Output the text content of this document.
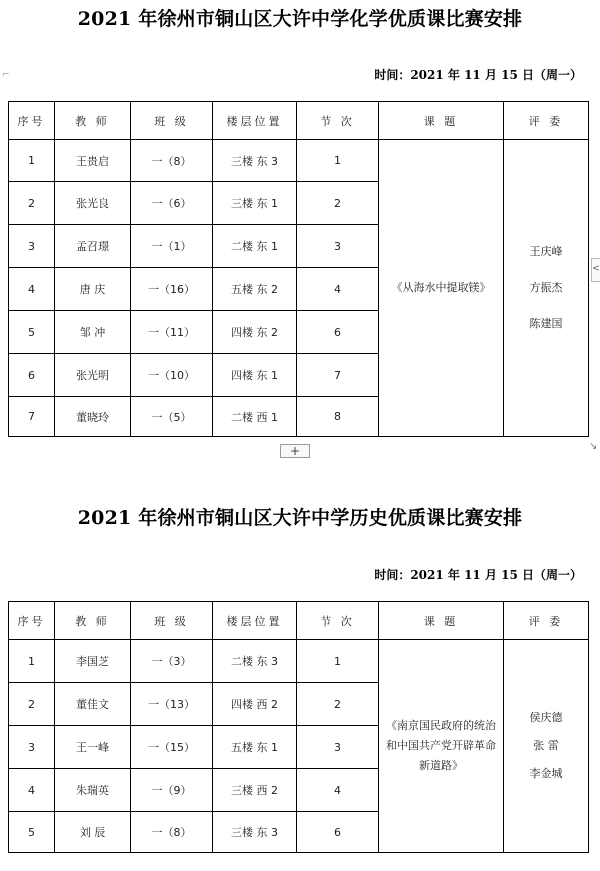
⌐
2021 年徐州市铜山区大许中学化学优质课比赛安排
时间：2021 年 11 月 15 日（周一）
序号	教 师	班 级	楼层位置	节 次	课 题	评 委
1	王贵启	一（8）	三楼 东 3	1	《从海水中提取镁》	王庆峰
方振杰
陈建国

2	张光良	一（6）	三楼 东 1	2		
3	孟召璟	一（1）	二楼 东 1	3		
4	唐 庆	一（16）	五楼 东 2	4		
5	邹 冲	一（11）	四楼 东 2	6		
6	张光明	一（10）	四楼 东 1	7		
7	董晓玲	一（5）	二楼 西 1	8		
<
+	↘
2021 年徐州市铜山区大许中学历史优质课比赛安排
时间：2021 年 11 月 15 日（周一）
序号	教 师	班 级	楼层位置	节 次	课 题	评 委
1	李国芝	一（3）	二楼 东 3	1	《南京国民政府的统治和中国共产党开辟革命新道路》	侯庆德
张 雷
李金城

2	董佳文	一（13）	四楼 西 2	2		
3	王一峰	一（15）	五楼 东 1	3		
4	朱瑞英	一（9）	三楼 西 2	4		
5	刘 辰	一（8）	三楼 东 3	6		
